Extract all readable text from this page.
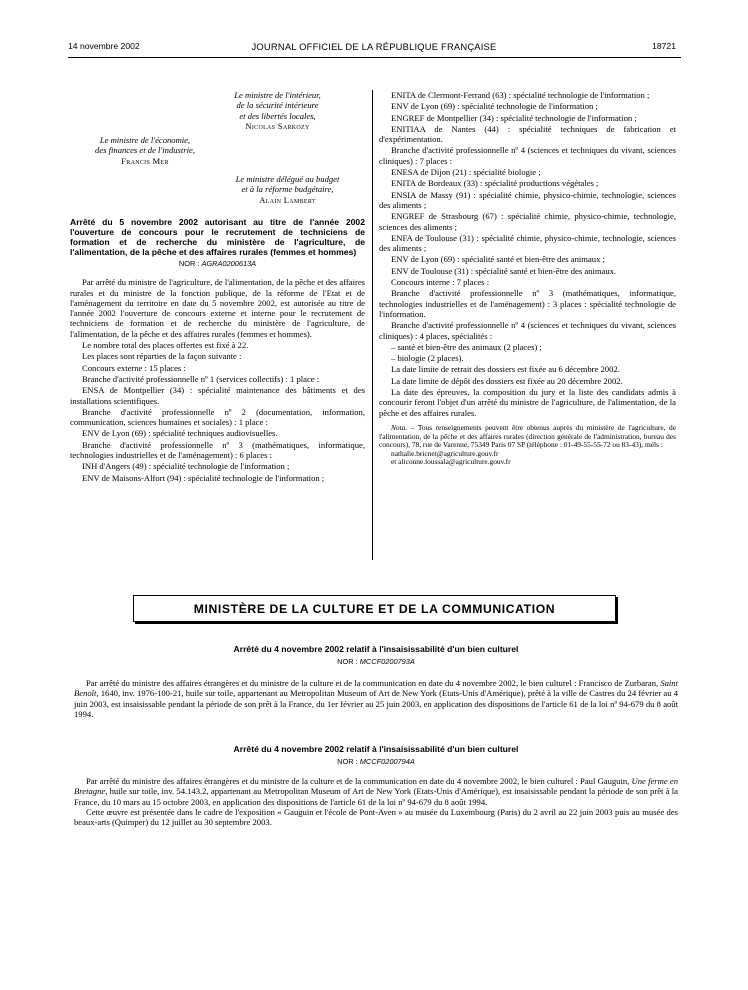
14 novembre 2002	JOURNAL OFFICIEL DE LA RÉPUBLIQUE FRANÇAISE	18721
Le ministre de l'intérieur,
de la sécurité intérieure
et des libertés locales,
Nicolas Sarkozy
Le ministre de l'économie,
des finances et de l'industrie,
Francis Mer
Le ministre délégué au budget
et à la réforme budgétaire,
Alain Lambert
Arrêté du 5 novembre 2002 autorisant au titre de l'année 2002 l'ouverture de concours pour le recrutement de techniciens de formation et de recherche du ministère de l'agriculture, de l'alimentation, de la pêche et des affaires rurales (femmes et hommes)
NOR : AGRA0200613A

Par arrêté du ministre de l'agriculture, de l'alimentation, de la pêche et des affaires rurales et du ministre de la fonction publique, de la réforme de l'Etat et de l'aménagement du territoire en date du 5 novembre 2002, est autorisée au titre de l'année 2002 l'ouverture de concours externe et interne pour le recrutement de techniciens de formation et de recherche du ministère de l'agriculture, de l'alimentation, de la pêche et des affaires rurales (femmes et hommes).

Le nombre total des places offertes est fixé à 22.

Les places sont réparties de la façon suivante :

Concours externe : 15 places :

Branche d'activité professionnelle nº 1 (services collectifs) : 1 place :

ENSA de Montpellier (34) : spécialité maintenance des bâtiments et des installations scientifiques.

Branche d'activité professionnelle nº 2 (documentation, information, communication, sciences humaines et sociales) : 1 place :

ENV de Lyon (69) : spécialité techniques audiovisuelles.

Branche d'activité professionnelle nº 3 (mathématiques, informatique, technologies industrielles et de l'aménagement) : 6 places :

INH d'Angers (49) : spécialité technologie de l'information ;

ENV de Maisons-Alfort (94) : spécialité technologie de l'information ;

ENITA de Clermont-Ferrand (63) : spécialité technologie de l'information ;

ENV de Lyon (69) : spécialité technologie de l'information ;

ENGREF de Montpellier (34) : spécialité technologie de l'information ;

ENITIAA de Nantes (44) : spécialité techniques de fabrication et d'expérimentation.

Branche d'activité professionnelle nº 4 (sciences et techniques du vivant, sciences cliniques) : 7 places :

ENESA de Dijon (21) : spécialité biologie ;

ENITA de Bordeaux (33) : spécialité productions végétales ;

ENSIA de Massy (91) : spécialité chimie, physico-chimie, technologie, sciences des aliments ;

ENGREF de Strasbourg (67) : spécialité chimie, physico-chimie, technologie, sciences des aliments ;

ENFA de Toulouse (31) : spécialité chimie, physico-chimie, technologie, sciences des aliments ;

ENV de Lyon (69) : spécialité santé et bien-être des animaux ;

ENV de Toulouse (31) : spécialité santé et bien-être des animaux.

Concours interne : 7 places :

Branche d'activité professionnelle nº 3 (mathématiques, informatique, technologies industrielles et de l'aménagement) : 3 places : spécialité technologie de l'information.

Branche d'activité professionnelle nº 4 (sciences et techniques du vivant, sciences cliniques) : 4 places, spécialités :

– santé et bien-être des animaux (2 places) ;

– biologie (2 places).

La date limite de retrait des dossiers est fixée au 6 décembre 2002.

La date limite de dépôt des dossiers est fixée au 20 décembre 2002.

La date des épreuves, la composition du jury et la liste des candidats admis à concourir feront l'objet d'un arrêté du ministre de l'agriculture, de l'alimentation, de la pêche et des affaires rurales.

Nota. – Tous renseignements peuvent être obtenus auprès du ministère de l'agriculture, de l'alimentation, de la pêche et des affaires rurales (direction générale de l'administration, bureau des concours), 78, rue de Varenne, 75349 Paris 07 SP (téléphone : 01-49-55-55-72 ou 83-43), méls :

nathalie.bricnet@agriculture.gouv.fr

et aliconne.loussala@agriculture.gouv.fr

MINISTÈRE DE LA CULTURE ET DE LA COMMUNICATION
Arrêté du 4 novembre 2002 relatif à l'insaisissabilité d'un bien culturel
NOR : MCCF0200793A

Par arrêté du ministre des affaires étrangères et du ministre de la culture et de la communication en date du 4 novembre 2002, le bien culturel : Francisco de Zurbaran, Saint Benoît, 1640, inv. 1976-100-21, huile sur toile, appartenant au Metropolitan Museum of Art de New York (Etats-Unis d'Amérique), prêté à la ville de Castres du 24 février au 4 juin 2003, est insaisissable pendant la période de son prêt à la France, du 1er février au 25 juin 2003, en application des dispositions de l'article 61 de la loi nº 94-679 du 8 août 1994.

Arrêté du 4 novembre 2002 relatif à l'insaisissabilité d'un bien culturel
NOR : MCCF0200794A

Par arrêté du ministre des affaires étrangères et du ministre de la culture et de la communication en date du 4 novembre 2002, le bien culturel : Paul Gauguin, Une ferme en Bretagne, huile sur toile, inv. 54.143.2, appartenant au Metropolitan Museum of Art de New York (Etats-Unis d'Amérique), est insaisissable pendant la période de son prêt à la France, du 10 mars au 15 octobre 2003, en application des dispositions de l'article 61 de la loi nº 94-679 du 8 août 1994.

Cette œuvre est présentée dans le cadre de l'exposition « Gauguin et l'école de Pont-Aven » au musée du Luxembourg (Paris) du 2 avril au 22 juin 2003 puis au musée des beaux-arts (Quimper) du 12 juillet au 30 septembre 2003.
